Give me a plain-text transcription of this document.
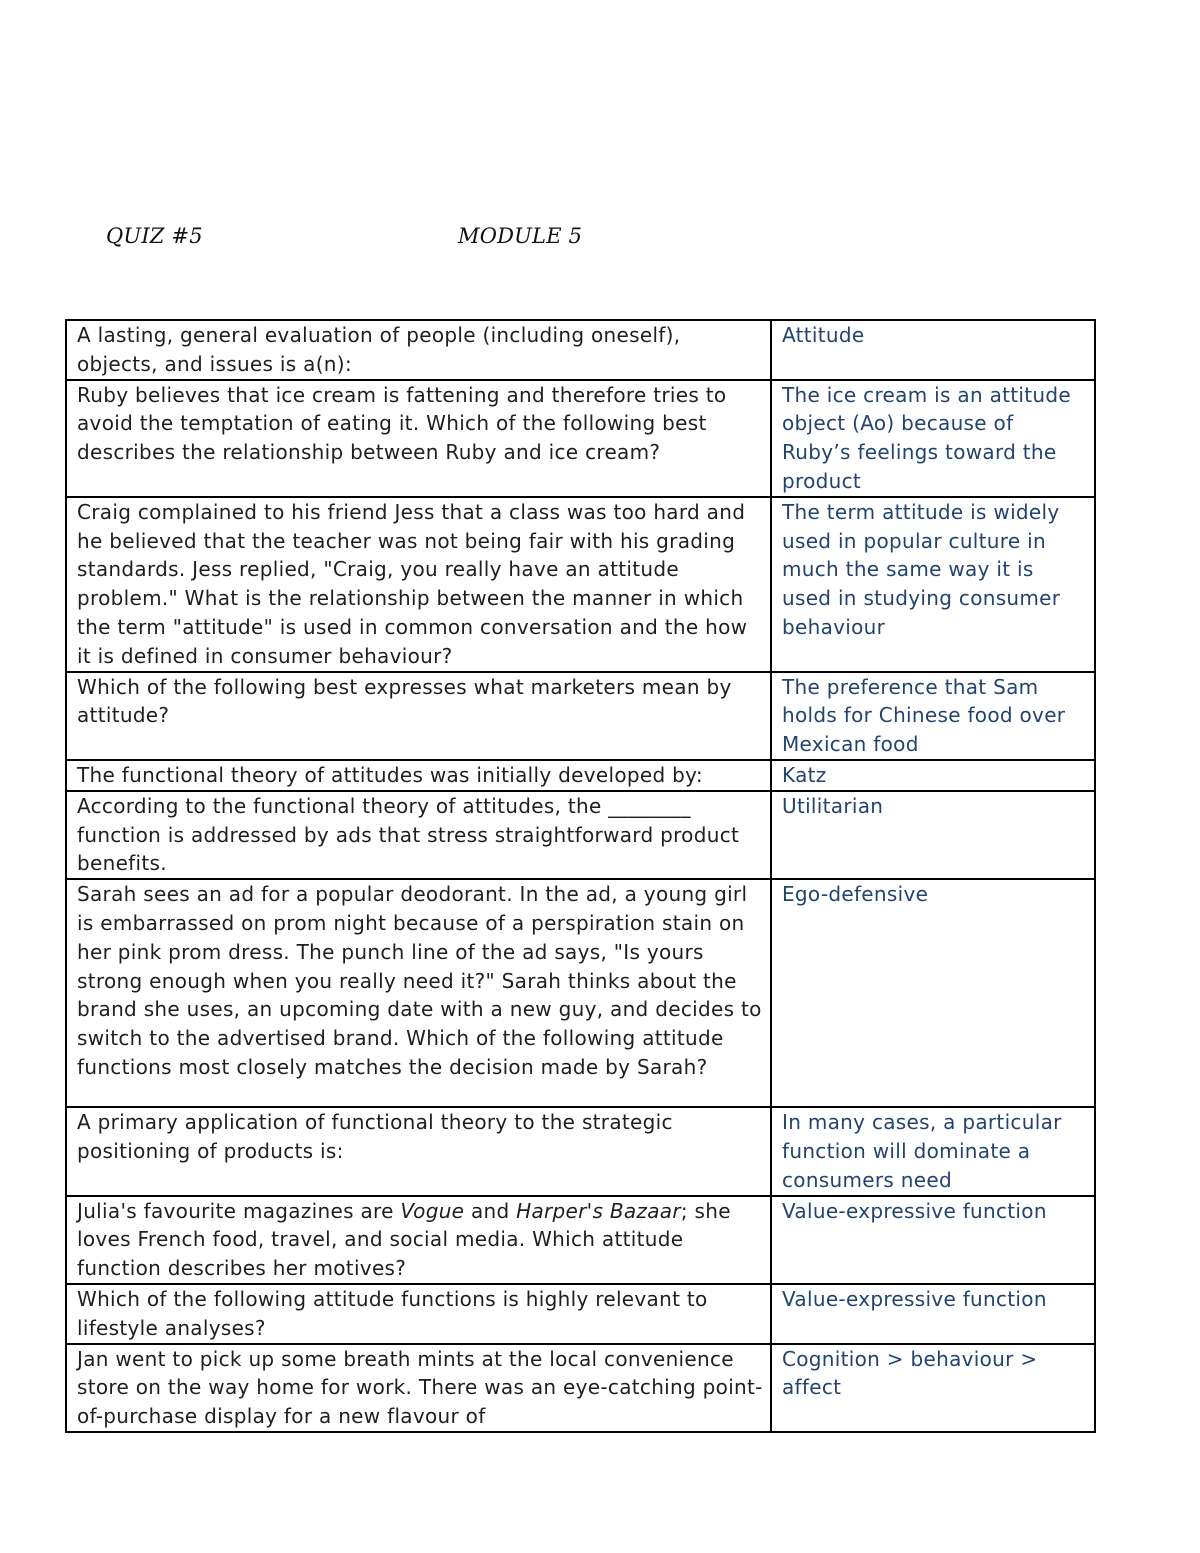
QUIZ #5	MODULE 5
A lasting, general evaluation of people (including oneself), objects, and issues is a(n):	Attitude
Ruby believes that ice cream is fattening and therefore tries to avoid the temptation of eating it. Which of the following best describes the relationship between Ruby and ice cream?	The ice cream is an attitude object (Ao) because of Ruby’s feelings toward the product
Craig complained to his friend Jess that a class was too hard and he believed that the teacher was not being fair with his grading standards. Jess replied, "Craig, you really have an attitude problem." What is the relationship between the manner in which the term "attitude" is used in common conversation and the how it is defined in consumer behaviour?	The term attitude is widely used in popular culture in much the same way it is used in studying consumer behaviour
Which of the following best expresses what marketers mean by attitude?	The preference that Sam holds for Chinese food over Mexican food
The functional theory of attitudes was initially developed by:	Katz
According to the functional theory of attitudes, the ________ function is addressed by ads that stress straightforward product benefits.	Utilitarian
Sarah sees an ad for a popular deodorant. In the ad, a young girl is embarrassed on prom night because of a perspiration stain on her pink prom dress. The punch line of the ad says, "Is yours strong enough when you really need it?" Sarah thinks about the brand she uses, an upcoming date with a new guy, and decides to switch to the advertised brand. Which of the following attitude functions most closely matches the decision made by Sarah?	Ego-defensive
A primary application of functional theory to the strategic positioning of products is:	In many cases, a particular function will dominate a consumers need
Julia's favourite magazines are Vogue and Harper's Bazaar; she loves French food, travel, and social media. Which attitude function describes her motives?	Value-expressive function
Which of the following attitude functions is highly relevant to lifestyle analyses?	Value-expressive function
Jan went to pick up some breath mints at the local convenience store on the way home for work. There was an eye-catching point-of-purchase display for a new flavour of	Cognition > behaviour > affect
